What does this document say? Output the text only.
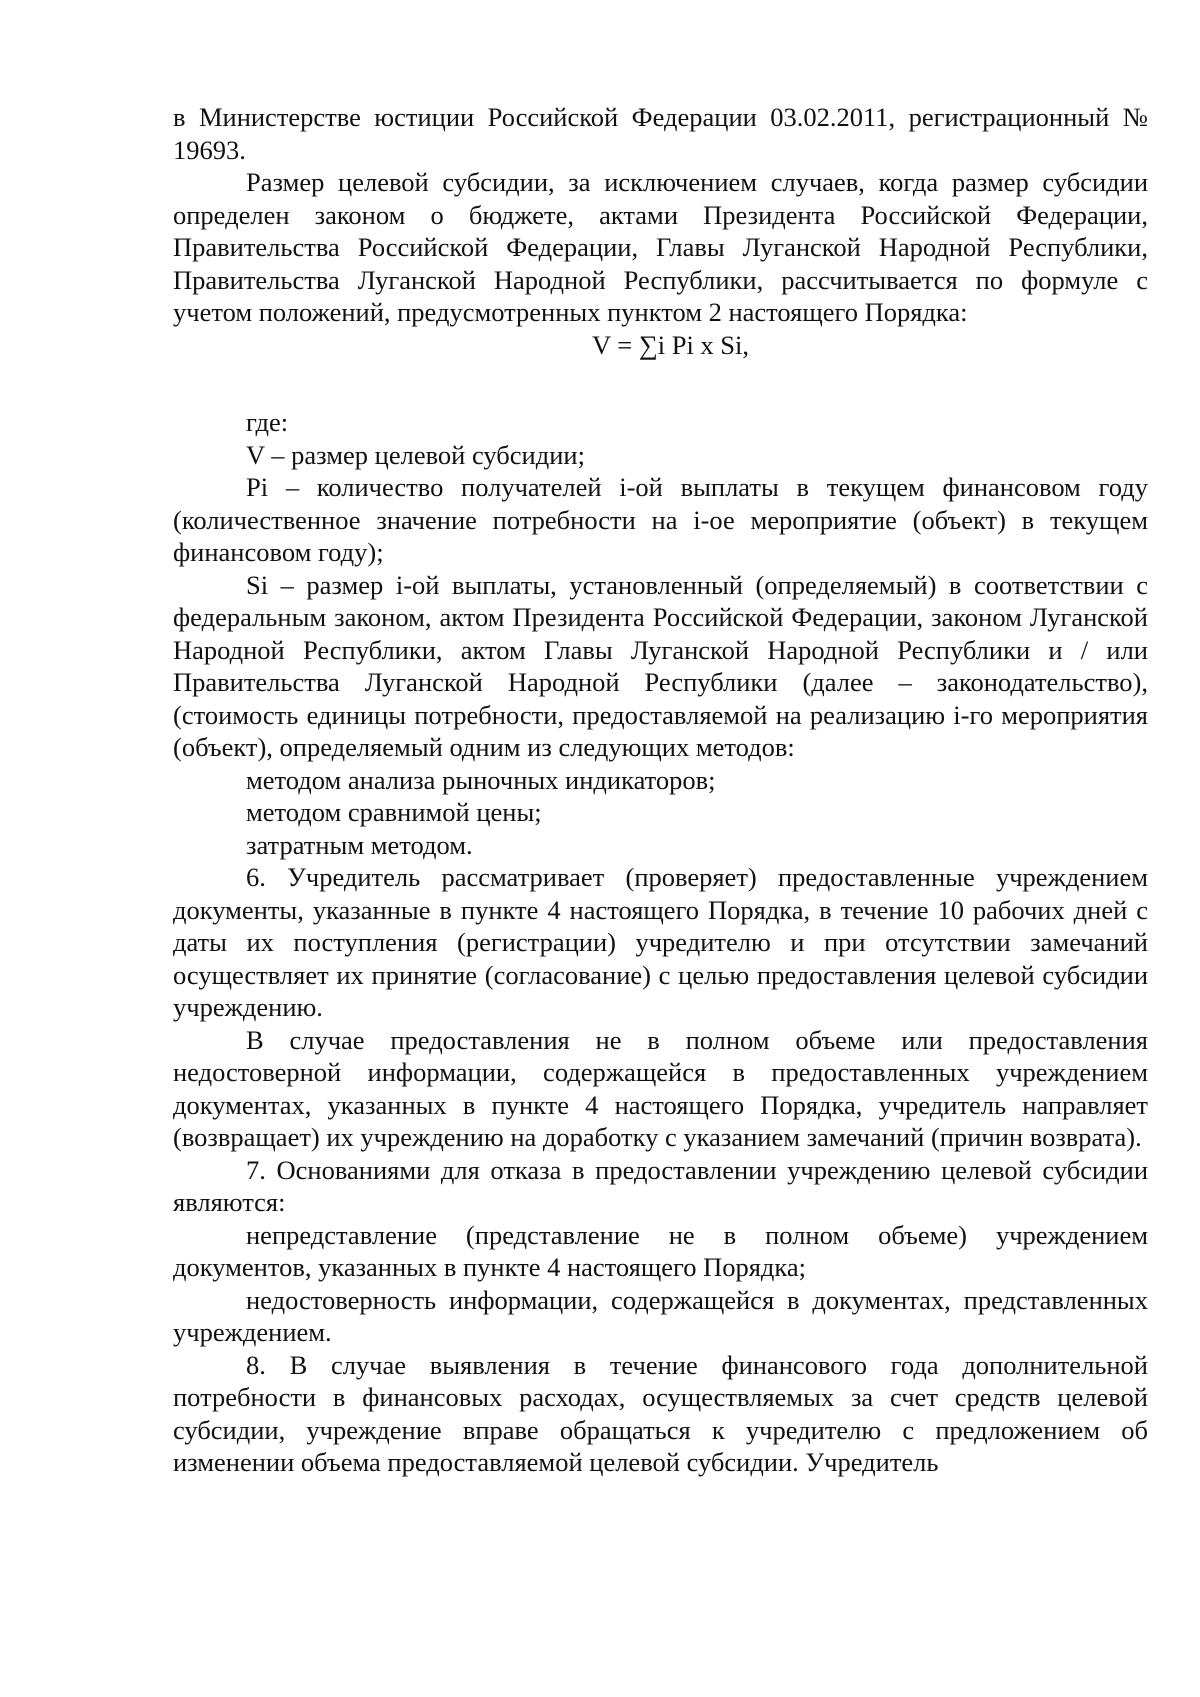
в Министерстве юстиции Российской Федерации 03.02.2011, регистрационный № 19693.

Размер целевой субсидии, за исключением случаев, когда размер субсидии определен законом о бюджете, актами Президента Российской Федерации, Правительства Российской Федерации, Главы Луганской Народной Республики, Правительства Луганской Народной Республики, рассчитывается по формуле с учетом положений, предусмотренных пунктом 2 настоящего Порядка:

V = ∑i Pi x Si,

где:

V – размер целевой субсидии;

Pi – количество получателей i-ой выплаты в текущем финансовом году (количественное значение потребности на i-ое мероприятие (объект) в текущем финансовом году);

Si – размер i-ой выплаты, установленный (определяемый) в соответствии с федеральным законом, актом Президента Российской Федерации, законом Луганской Народной Республики, актом Главы Луганской Народной Республики и / или Правительства Луганской Народной Республики (далее – законодательство), (стоимость единицы потребности, предоставляемой на реализацию i-го мероприятия (объект), определяемый одним из следующих методов:

методом анализа рыночных индикаторов;

методом сравнимой цены;

затратным методом.

6. Учредитель рассматривает (проверяет) предоставленные учреждением документы, указанные в пункте 4 настоящего Порядка, в течение 10 рабочих дней с даты их поступления (регистрации) учредителю и при отсутствии замечаний осуществляет их принятие (согласование) с целью предоставления целевой субсидии учреждению.

В случае предоставления не в полном объеме или предоставления недостоверной информации, содержащейся в предоставленных учреждением документах, указанных в пункте 4 настоящего Порядка, учредитель направляет (возвращает) их учреждению на доработку с указанием замечаний (причин возврата).

7. Основаниями для отказа в предоставлении учреждению целевой субсидии являются:

непредставление (представление не в полном объеме) учреждением документов, указанных в пункте 4 настоящего Порядка;

недостоверность информации, содержащейся в документах, представленных учреждением.

8. В случае выявления в течение финансового года дополнительной потребности в финансовых расходах, осуществляемых за счет средств целевой субсидии, учреждение вправе обращаться к учредителю с предложением об изменении объема предоставляемой целевой субсидии. Учредитель
